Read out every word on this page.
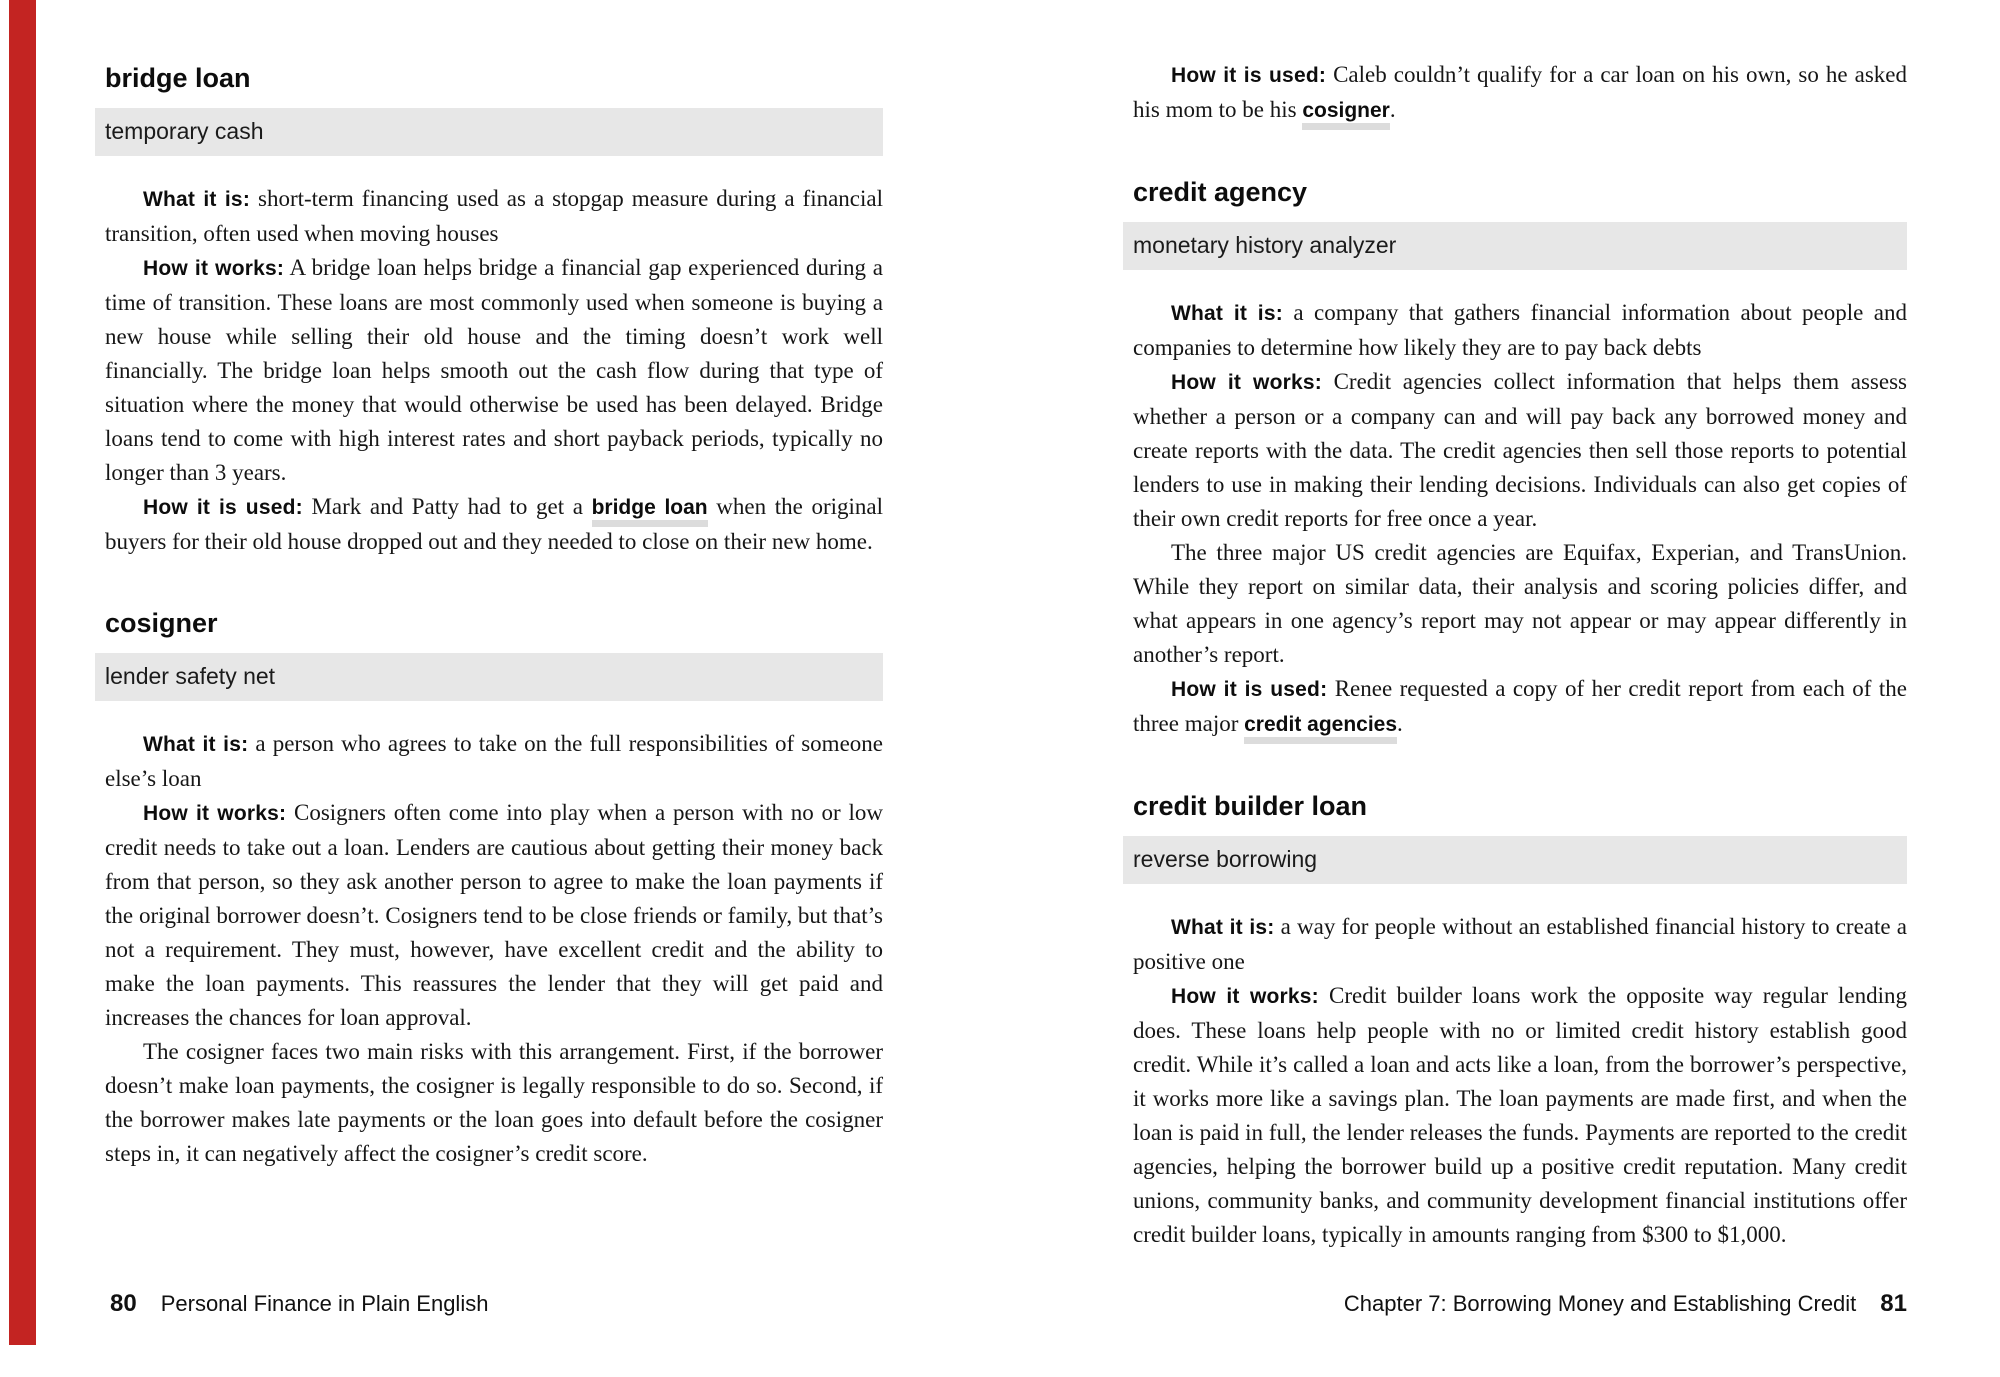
bridge loan
temporary cash

What it is: short-term financing used as a stopgap measure during a financial transition, often used when moving houses

How it works: A bridge loan helps bridge a financial gap experienced during a time of transition. These loans are most commonly used when someone is buying a new house while selling their old house and the timing doesn’t work well financially. The bridge loan helps smooth out the cash flow during that type of situation where the money that would otherwise be used has been delayed. Bridge loans tend to come with high interest rates and short payback periods, typically no longer than 3 years.

How it is used: Mark and Patty had to get a bridge loan when the original buyers for their old house dropped out and they needed to close on their new home.

cosigner
lender safety net

What it is: a person who agrees to take on the full responsibilities of someone else’s loan

How it works: Cosigners often come into play when a person with no or low credit needs to take out a loan. Lenders are cautious about getting their money back from that person, so they ask another person to agree to make the loan payments if the original borrower doesn’t. Cosigners tend to be close friends or family, but that’s not a requirement. They must, however, have excellent credit and the ability to make the loan payments. This reassures the lender that they will get paid and increases the chances for loan approval.

The cosigner faces two main risks with this arrangement. First, if the borrower doesn’t make loan payments, the cosigner is legally responsible to do so. Second, if the borrower makes late payments or the loan goes into default before the cosigner steps in, it can negatively affect the cosigner’s credit score.

80 Personal Finance in Plain English

How it is used: Caleb couldn’t qualify for a car loan on his own, so he asked his mom to be his cosigner.

credit agency
monetary history analyzer

What it is: a company that gathers financial information about people and companies to determine how likely they are to pay back debts

How it works: Credit agencies collect information that helps them assess whether a person or a company can and will pay back any borrowed money and create reports with the data. The credit agencies then sell those reports to potential lenders to use in making their lending decisions. Individuals can also get copies of their own credit reports for free once a year.

The three major US credit agencies are Equifax, Experian, and TransUnion. While they report on similar data, their analysis and scoring policies differ, and what appears in one agency’s report may not appear or may appear differently in another’s report.

How it is used: Renee requested a copy of her credit report from each of the three major credit agencies.

credit builder loan
reverse borrowing

What it is: a way for people without an established financial history to create a positive one

How it works: Credit builder loans work the opposite way regular lending does. These loans help people with no or limited credit history establish good credit. While it’s called a loan and acts like a loan, from the borrower’s perspective, it works more like a savings plan. The loan payments are made first, and when the loan is paid in full, the lender releases the funds. Payments are reported to the credit agencies, helping the borrower build up a positive credit reputation. Many credit unions, community banks, and community development financial institutions offer credit builder loans, typically in amounts ranging from $300 to $1,000.

Chapter 7: Borrowing Money and Establishing Credit 81
